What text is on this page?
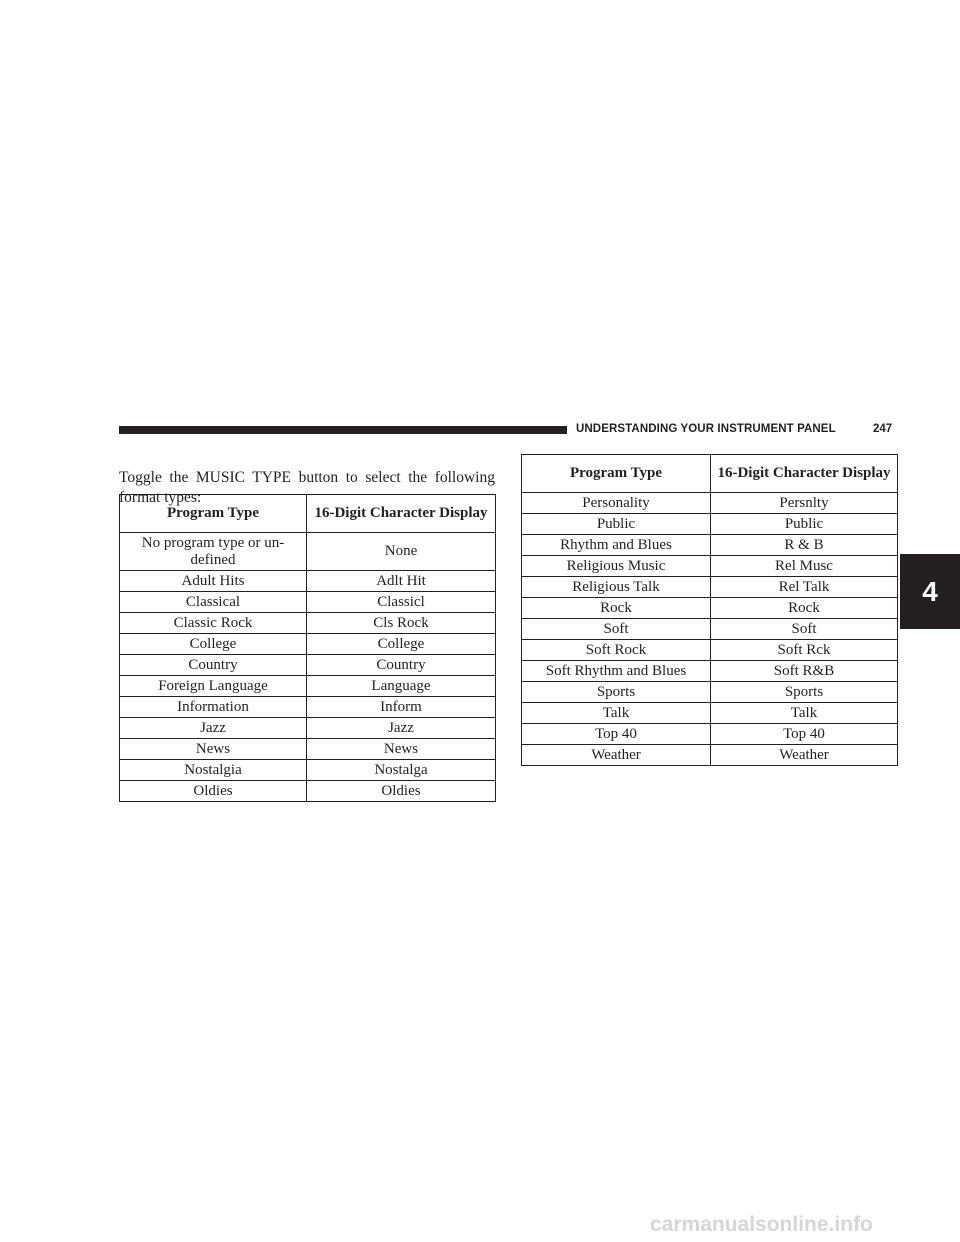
UNDERSTANDING YOUR INSTRUMENT PANEL	247

Toggle the MUSIC TYPE button to select the following format types:

Program Type	16-Digit Character Display
No program type or un-defined	None
Adult Hits	Adlt Hit
Classical	Classicl
Classic Rock	Cls Rock
College	College
Country	Country
Foreign Language	Language
Information	Inform
Jazz	Jazz
News	News
Nostalgia	Nostalga
Oldies	Oldies
Program Type	16-Digit Character Display
Personality	Persnlty
Public	Public
Rhythm and Blues	R & B
Religious Music	Rel Musc
Religious Talk	Rel Talk
Rock	Rock
Soft	Soft
Soft Rock	Soft Rck
Soft Rhythm and Blues	Soft R&B
Sports	Sports
Talk	Talk
Top 40	Top 40
Weather	Weather
4
carmanualsonline.info
